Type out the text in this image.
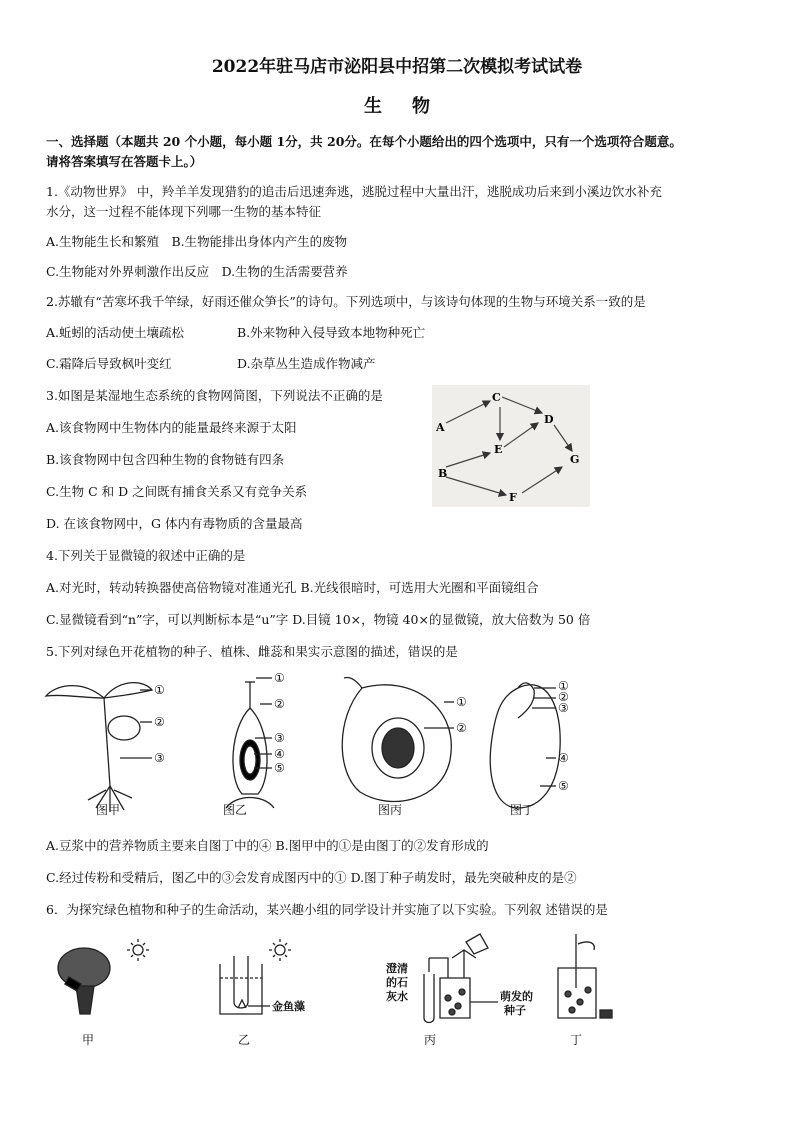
2022年驻马店市泌阳县中招第二次模拟考试试卷
生物
一、选择题（本题共 20 个小题，每小题 1分，共 20分。在每个小题给出的四个选项中，只有一个选项符合题意。
请将答案填写在答题卡上。）
1.《动物世界》 中，羚羊羊发现猎豹的追击后迅速奔逃，逃脱过程中大量出汗，逃脱成功后来到小溪边饮水补充
水分，这一过程不能体现下列哪一生物的基本特征
A.生物能生长和繁殖　B.生物能排出身体内产生的废物
C.生物能对外界刺激作出反应　D.生物的生活需要营养
2.苏辙有“苦寒坏我千竿绿，好雨还催众笋长”的诗句。下列选项中，与该诗句体现的生物与环境关系一致的是
A.蚯蚓的活动使土壤疏松	B.外来物种入侵导致本地物种死亡
C.霜降后导致枫叶变红	D.杂草丛生造成作物减产
3.如图是某湿地生态系统的食物网简图，下列说法不正确的是
A.该食物网中生物体内的能量最终来源于太阳
B.该食物网中包含四种生物的食物链有四条
C.生物 C 和 D 之间既有捕食关系又有竞争关系
D. 在该食物网中，G 体内有毒物质的含量最高
A
B
C
D
E
F
G
4.下列关于显微镜的叙述中正确的是
A.对光时，转动转换器使高倍物镜对准通光孔 B.光线很暗时，可选用大光圈和平面镜组合
C.显微镜看到“n”字，可以判断标本是“u”字 D.目镜 10×，物镜 40×的显微镜，放大倍数为 50 倍
5.下列对绿色开花植物的种子、植株、雌蕊和果实示意图的描述，错误的是
①
②
③
①
②
③
④
⑤
①
②
①
②
③
④
⑤
图甲	图乙	图丙	图丁
A.豆浆中的营养物质主要来自图丁中的④ B.图甲中的①是由图丁的②发育形成的
C.经过传粉和受精后，图乙中的③会发育成图丙中的① D.图丁种子萌发时，最先突破种皮的是②
6．为探究绿色植物和种子的生命活动，某兴趣小组的同学设计并实施了以下实验。下列叙 述错误的是
金鱼藻
澄清
的石
灰水	萌发的
种子
甲	乙	丙	丁
